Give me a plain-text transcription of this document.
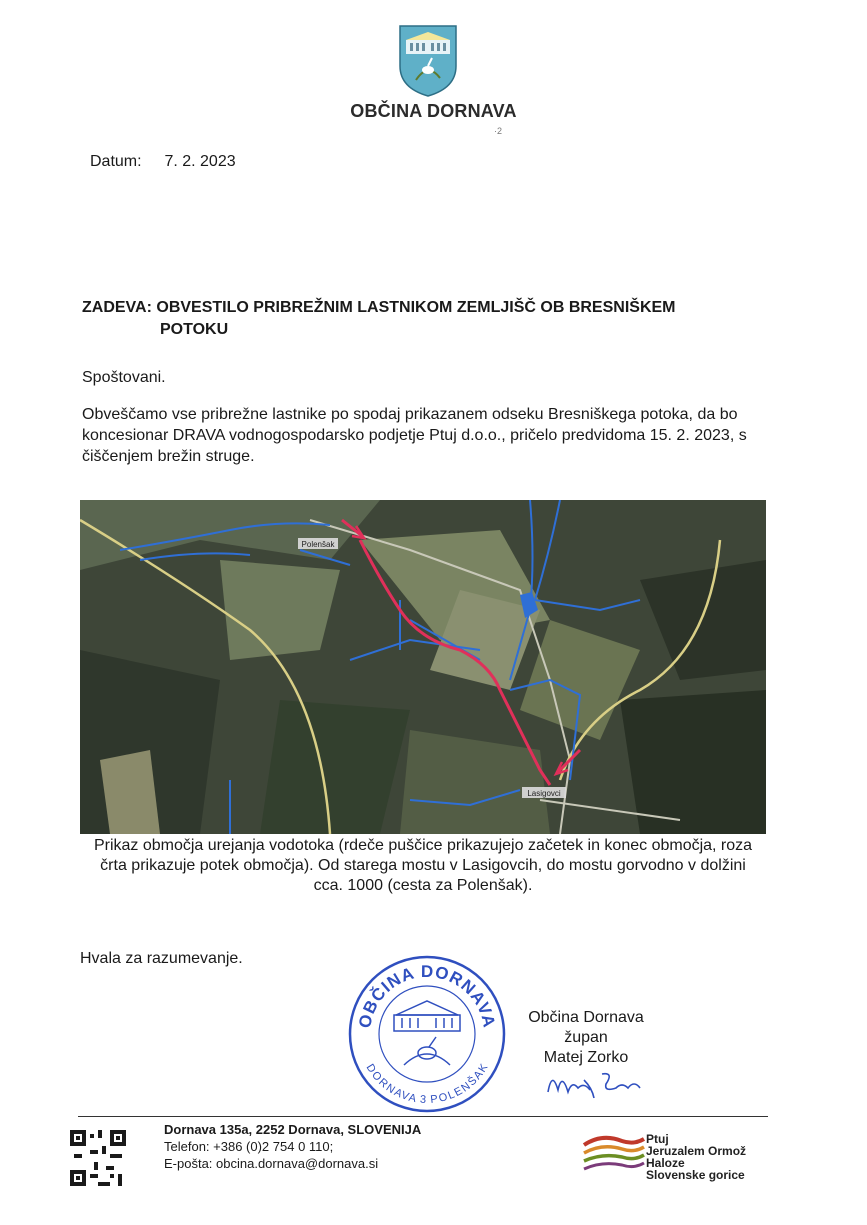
OBČINA DORNAVA
·2
Datum: 7. 2. 2023
ZADEVA: OBVESTILO PRIBREŽNIM LASTNIKOM ZEMLJIŠČ OB BRESNIŠKEM
POTOKU
Spoštovani.
Obveščamo vse pribrežne lastnike po spodaj prikazanem odseku Bresniškega potoka, da bo koncesionar DRAVA vodnogospodarsko podjetje Ptuj d.o.o., pričelo predvidoma 15. 2. 2023, s čiščenjem brežin struge.
Polenšak
Lasigovci
Prikaz območja urejanja vodotoka (rdeče puščice prikazujejo začetek in konec območja, roza
črta prikazuje potek območja). Od starega mostu v Lasigovcih, do mostu gorvodno v dolžini
cca. 1000 (cesta za Polenšak).
Hvala za razumevanje.
OBČINA DORNAVA
DORNAVA 3 POLENŠAK
Občina Dornava
župan
Matej Zorko
Dornava 135a, 2252 Dornava, SLOVENIJA
Telefon: +386 (0)2 754 0 110;
E-pošta: obcina.dornava@dornava.si
Ptuj
Jeruzalem Ormož
Haloze
Slovenske gorice
